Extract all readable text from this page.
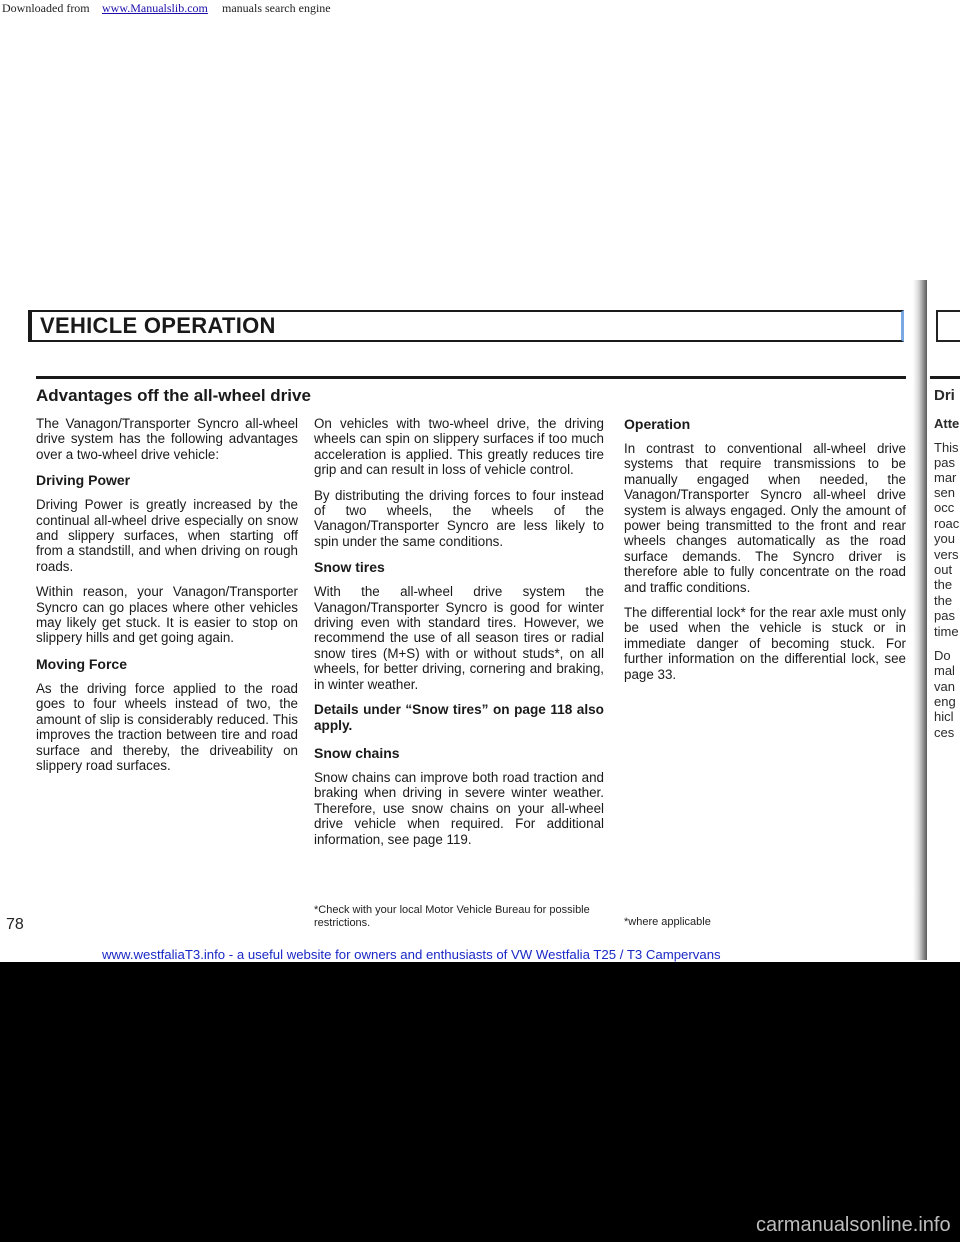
Downloaded from www.Manualslib.com manuals search engine
VEHICLE OPERATION
Advantages off the all-wheel drive

The Vanagon/Transporter Syncro all-wheel drive system has the following advantages over a two-wheel drive vehicle:

Driving Power

Driving Power is greatly increased by the continual all-wheel drive especially on snow and slippery surfaces, when starting off from a standstill, and when driving on rough roads.

Within reason, your Vanagon/Transporter Syncro can go places where other vehicles may likely get stuck. It is easier to stop on slippery hills and get going again.

Moving Force

As the driving force applied to the road goes to four wheels instead of two, the amount of slip is considerably reduced. This improves the traction between tire and road surface and thereby, the driveability on slippery road surfaces.

On vehicles with two-wheel drive, the driving wheels can spin on slippery surfaces if too much acceleration is applied. This greatly reduces tire grip and can result in loss of vehicle control.

By distributing the driving forces to four instead of two wheels, the wheels of the Vanagon/Transporter Syncro are less likely to spin under the same conditions.

Snow tires

With the all-wheel drive system the Vanagon/Transporter Syncro is good for winter driving even with standard tires. However, we recommend the use of all season tires or radial snow tires (M+S) with or without studs*, on all wheels, for better driving, cornering and braking, in winter weather.

Details under “Snow tires” on page 118 also apply.

Snow chains

Snow chains can improve both road traction and braking when driving in severe winter weather. Therefore, use snow chains on your all-wheel drive vehicle when required. For additional information, see page 119.

Operation

In contrast to conventional all-wheel drive systems that require transmissions to be manually engaged when needed, the Vanagon/Transporter Syncro all-wheel drive system is always engaged. Only the amount of power being transmitted to the front and rear wheels changes automatically as the road surface demands. The Syncro driver is therefore able to fully concentrate on the road and traffic conditions.

The differential lock* for the rear axle must only be used when the vehicle is stuck or in immediate danger of becoming stuck. For further information on the differential lock, see page 33.

*Check with your local Motor Vehicle Bureau for possible restrictions.	*where applicable
78
Dri
Atte
This
pas
mar
sen
occ
roac
you
vers
out
the
the
pas
time
Do
mal
van
eng
hicl
ces
www.westfaliaT3.info - a useful website for owners and enthusiasts of VW Westfalia T25 / T3 Campervans
carmanualsonline.info
